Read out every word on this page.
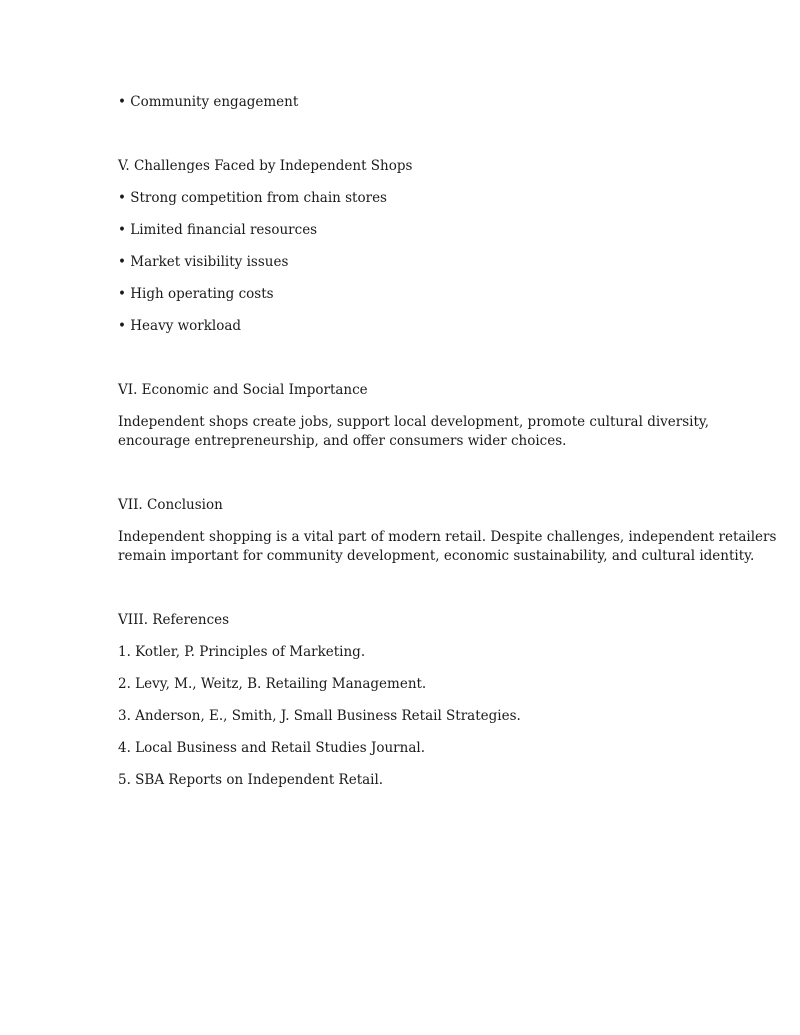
• Community engagement
V. Challenges Faced by Independent Shops
• Strong competition from chain stores
• Limited financial resources
• Market visibility issues
• High operating costs
• Heavy workload
VI. Economic and Social Importance
Independent shops create jobs, support local development, promote cultural diversity,
encourage entrepreneurship, and offer consumers wider choices.
VII. Conclusion
Independent shopping is a vital part of modern retail. Despite challenges, independent retailers
remain important for community development, economic sustainability, and cultural identity.
VIII. References
1. Kotler, P. Principles of Marketing.
2. Levy, M., Weitz, B. Retailing Management.
3. Anderson, E., Smith, J. Small Business Retail Strategies.
4. Local Business and Retail Studies Journal.
5. SBA Reports on Independent Retail.
